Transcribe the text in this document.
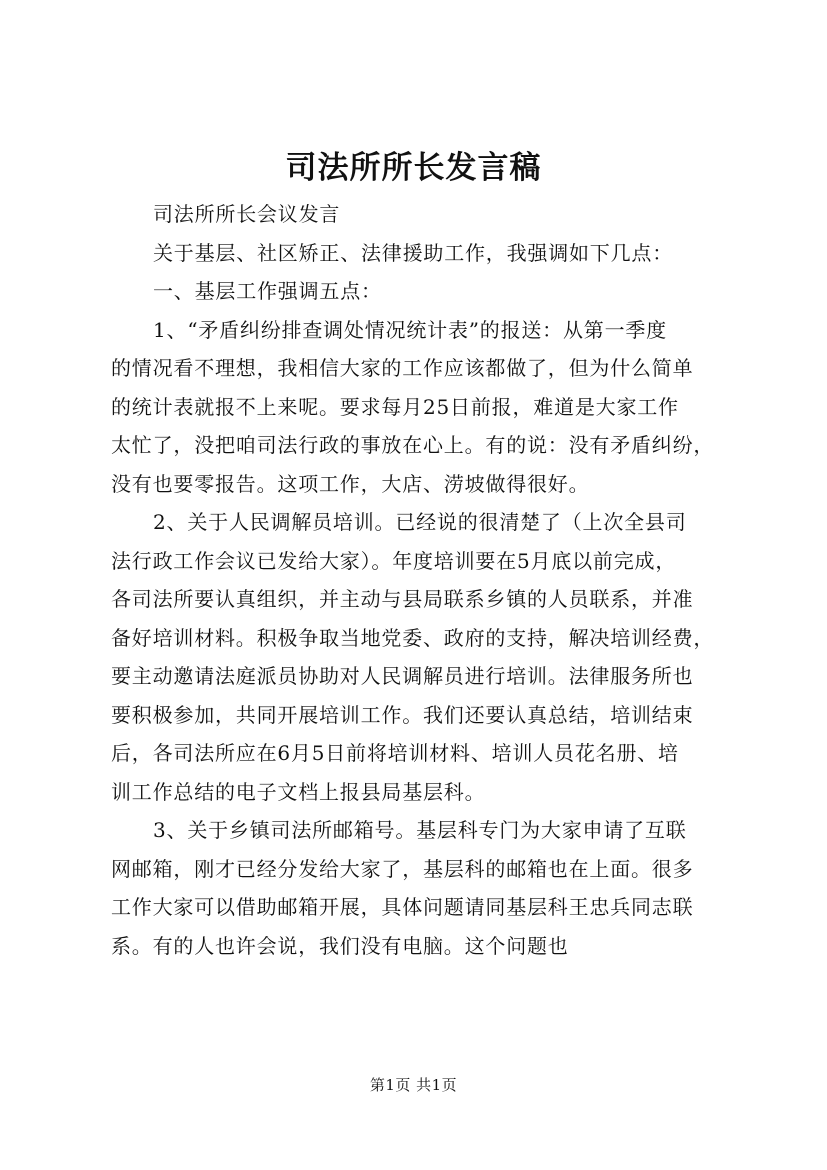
司法所所长发言稿
司法所所长会议发言
关于基层、社区矫正、法律援助工作，我强调如下几点：
一、基层工作强调五点：
1、“矛盾纠纷排查调处情况统计表”的报送：从第一季度
的情况看不理想，我相信大家的工作应该都做了，但为什么简单
的统计表就报不上来呢。要求每月25日前报，难道是大家工作
太忙了，没把咱司法行政的事放在心上。有的说：没有矛盾纠纷，
没有也要零报告。这项工作，大店、涝坡做得很好。
2、关于人民调解员培训。已经说的很清楚了（上次全县司
法行政工作会议已发给大家）。年度培训要在5月底以前完成，
各司法所要认真组织，并主动与县局联系乡镇的人员联系，并准
备好培训材料。积极争取当地党委、政府的支持，解决培训经费，
要主动邀请法庭派员协助对人民调解员进行培训。法律服务所也
要积极参加，共同开展培训工作。我们还要认真总结，培训结束
后，各司法所应在6月5日前将培训材料、培训人员花名册、培
训工作总结的电子文档上报县局基层科。
3、关于乡镇司法所邮箱号。基层科专门为大家申请了互联
网邮箱，刚才已经分发给大家了，基层科的邮箱也在上面。很多
工作大家可以借助邮箱开展，具体问题请同基层科王忠兵同志联
系。有的人也许会说，我们没有电脑。这个问题也
第1页 共1页
